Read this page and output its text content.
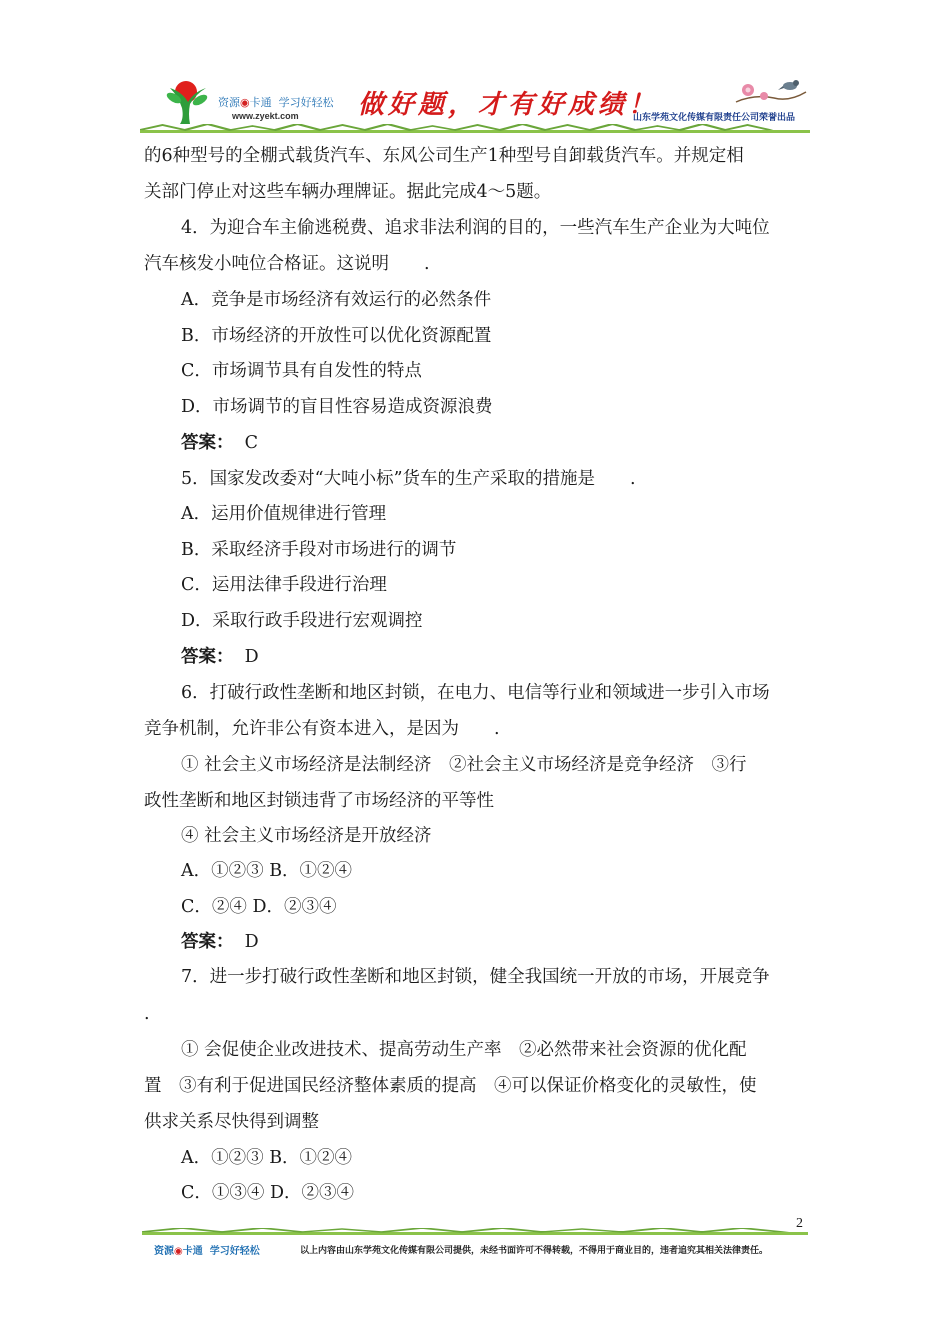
资源◉卡通 学习好轻松
www.zyekt.com 做好题，才有好成绩！
山东学苑文化传媒有限责任公司荣誉出品
的6种型号的全棚式载货汽车、东风公司生产1种型号自卸载货汽车。并规定相
关部门停止对这些车辆办理牌证。据此完成4～5题。
4．为迎合车主偷逃税费、追求非法利润的目的，一些汽车生产企业为大吨位
汽车核发小吨位合格证。这说明　　.
A．竞争是市场经济有效运行的必然条件
B．市场经济的开放性可以优化资源配置
C．市场调节具有自发性的特点
D．市场调节的盲目性容易造成资源浪费
答案： C
5．国家发改委对“大吨小标”货车的生产采取的措施是　　.
A．运用价值规律进行管理
B．采取经济手段对市场进行的调节
C．运用法律手段进行治理
D．采取行政手段进行宏观调控
答案： D
6．打破行政性垄断和地区封锁，在电力、电信等行业和领域进一步引入市场
竞争机制，允许非公有资本进入，是因为　　.
① 社会主义市场经济是法制经济　②社会主义市场经济是竞争经济　③行
政性垄断和地区封锁违背了市场经济的平等性
④ 社会主义市场经济是开放经济
A．①②③ B．①②④
C．②④ D．②③④
答案： D
7．进一步打破行政性垄断和地区封锁，健全我国统一开放的市场，开展竞争
.
① 会促使企业改进技术、提高劳动生产率　②必然带来社会资源的优化配
置　③有利于促进国民经济整体素质的提高　④可以保证价格变化的灵敏性，使
供求关系尽快得到调整
A．①②③ B．①②④
C．①③④ D．②③④
2
资源◉卡通 学习好轻松	以上内容由山东学苑文化传媒有限公司提供，未经书面许可不得转载，不得用于商业目的，违者追究其相关法律责任。
